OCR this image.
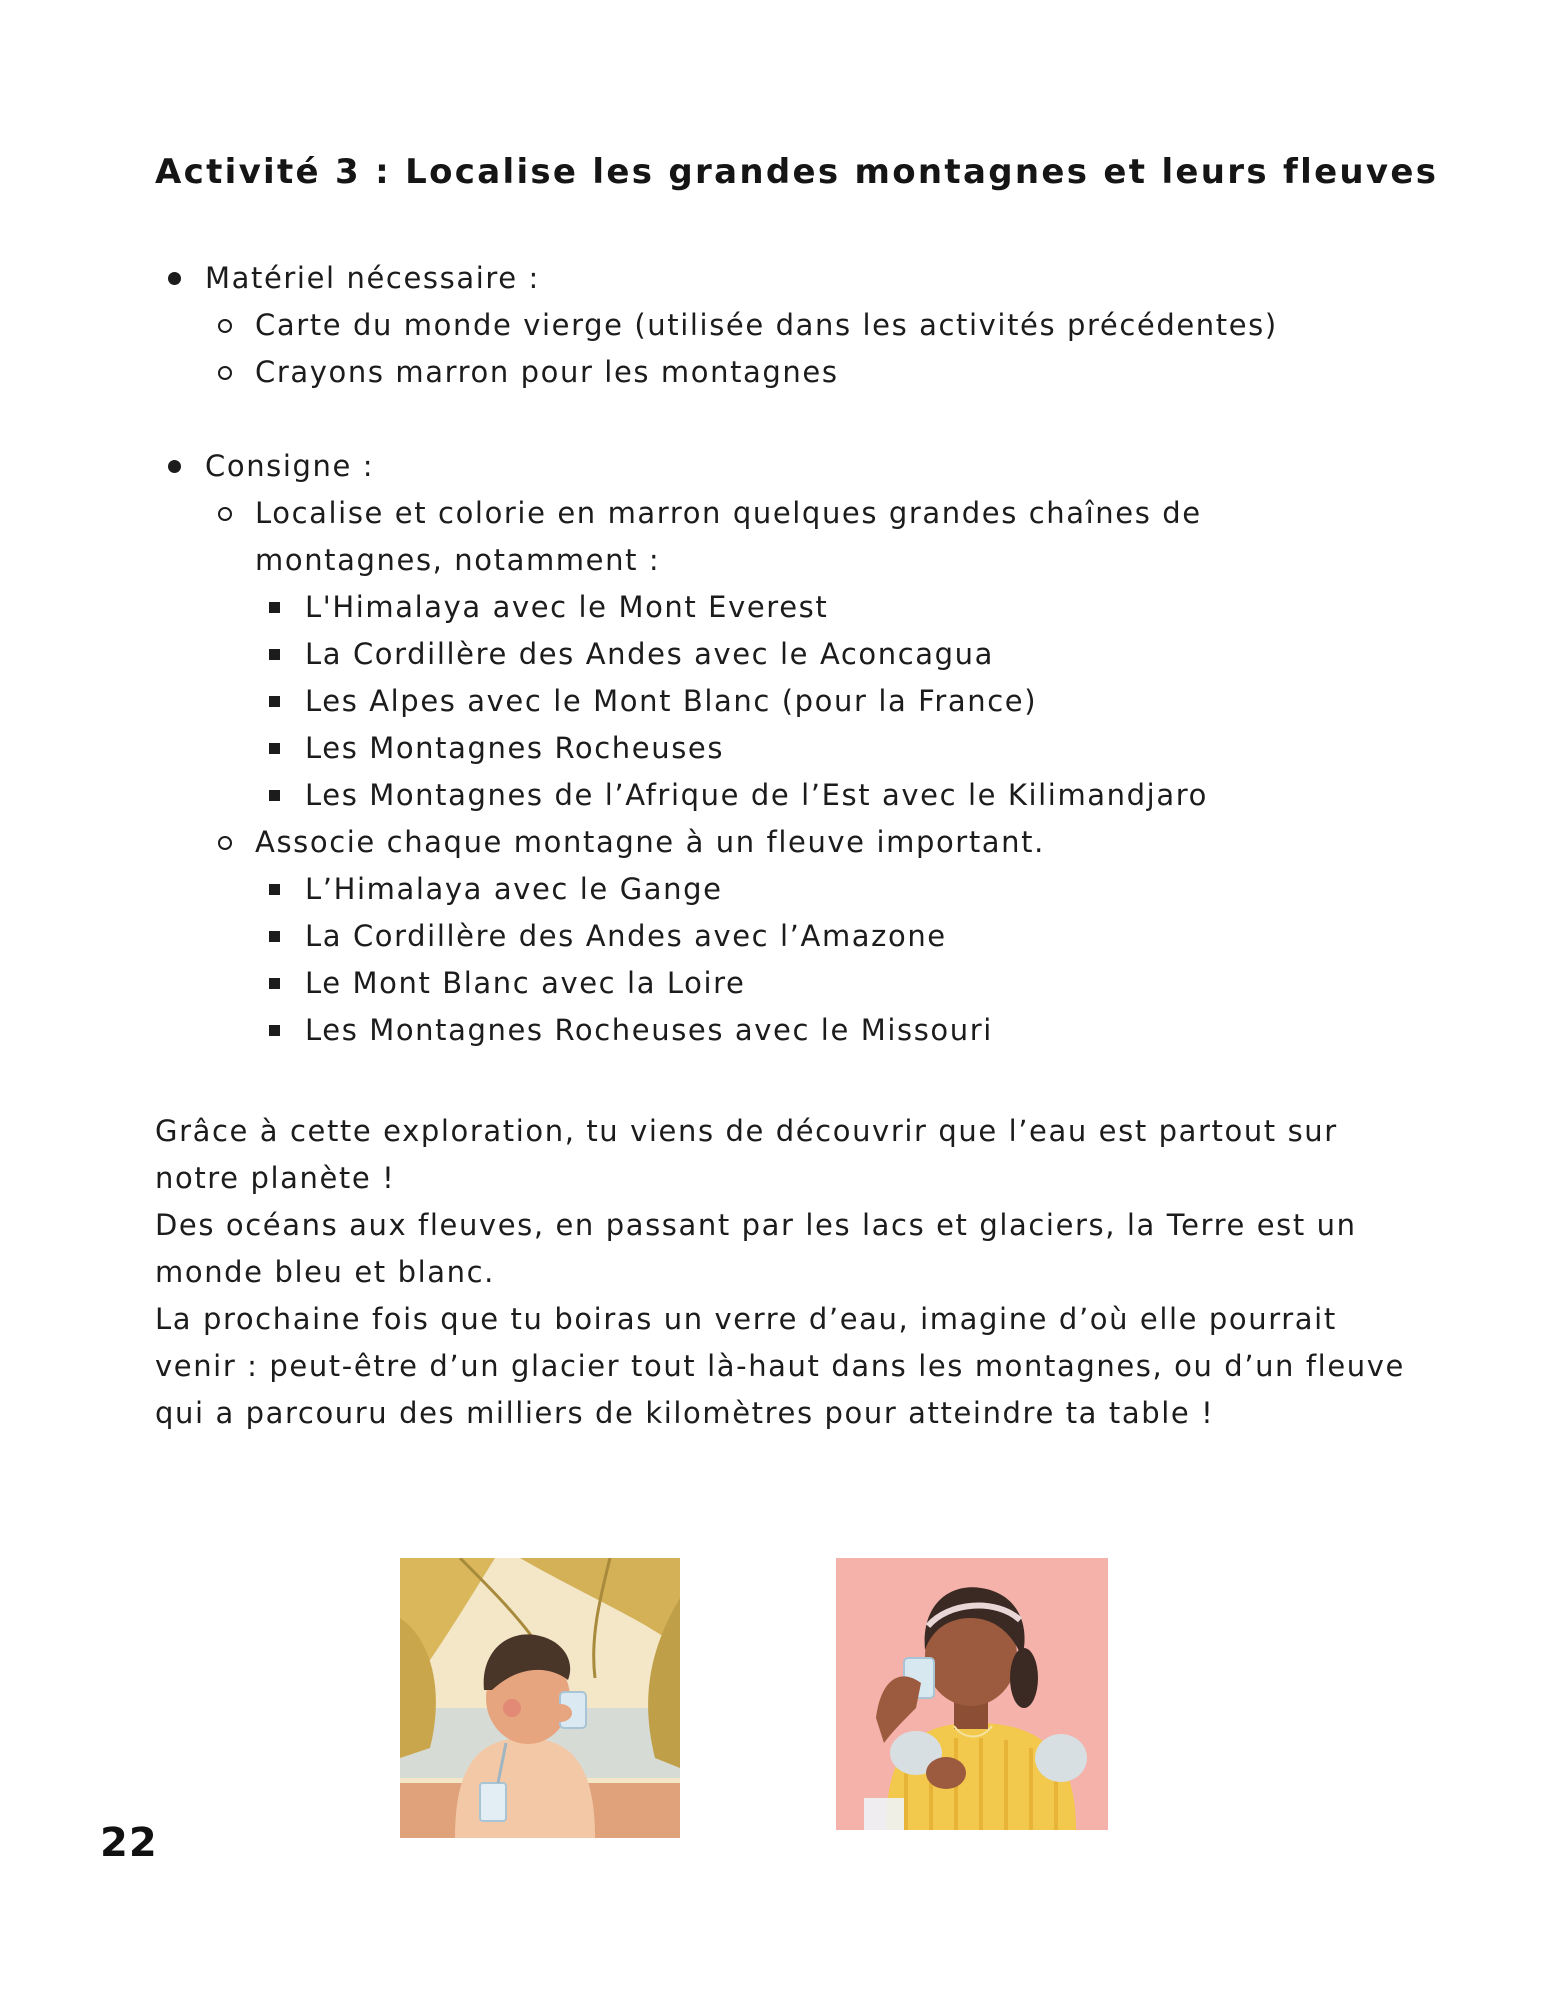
Activité 3 : Localise les grandes montagnes et leurs fleuves
Matériel nécessaire :
Carte du monde vierge (utilisée dans les activités précédentes)
Crayons marron pour les montagnes
Consigne :
Localise et colorie en marron quelques grandes chaînes de montagnes, notamment :
L'Himalaya avec le Mont Everest
La Cordillère des Andes avec le Aconcagua
Les Alpes avec le Mont Blanc (pour la France)
Les Montagnes Rocheuses
Les Montagnes de l’Afrique de l’Est avec le Kilimandjaro
Associe chaque montagne à un fleuve important.
L’Himalaya avec le Gange
La Cordillère des Andes avec l’Amazone
Le Mont Blanc avec la Loire
Les Montagnes Rocheuses avec le Missouri

Grâce à cette exploration, tu viens de découvrir que l’eau est partout sur notre planète !

Des océans aux fleuves, en passant par les lacs et glaciers, la Terre est un monde bleu et blanc.

La prochaine fois que tu boiras un verre d’eau, imagine d’où elle pourrait venir : peut-être d’un glacier tout là-haut dans les montagnes, ou d’un fleuve qui a parcouru des milliers de kilomètres pour atteindre ta table !

22
